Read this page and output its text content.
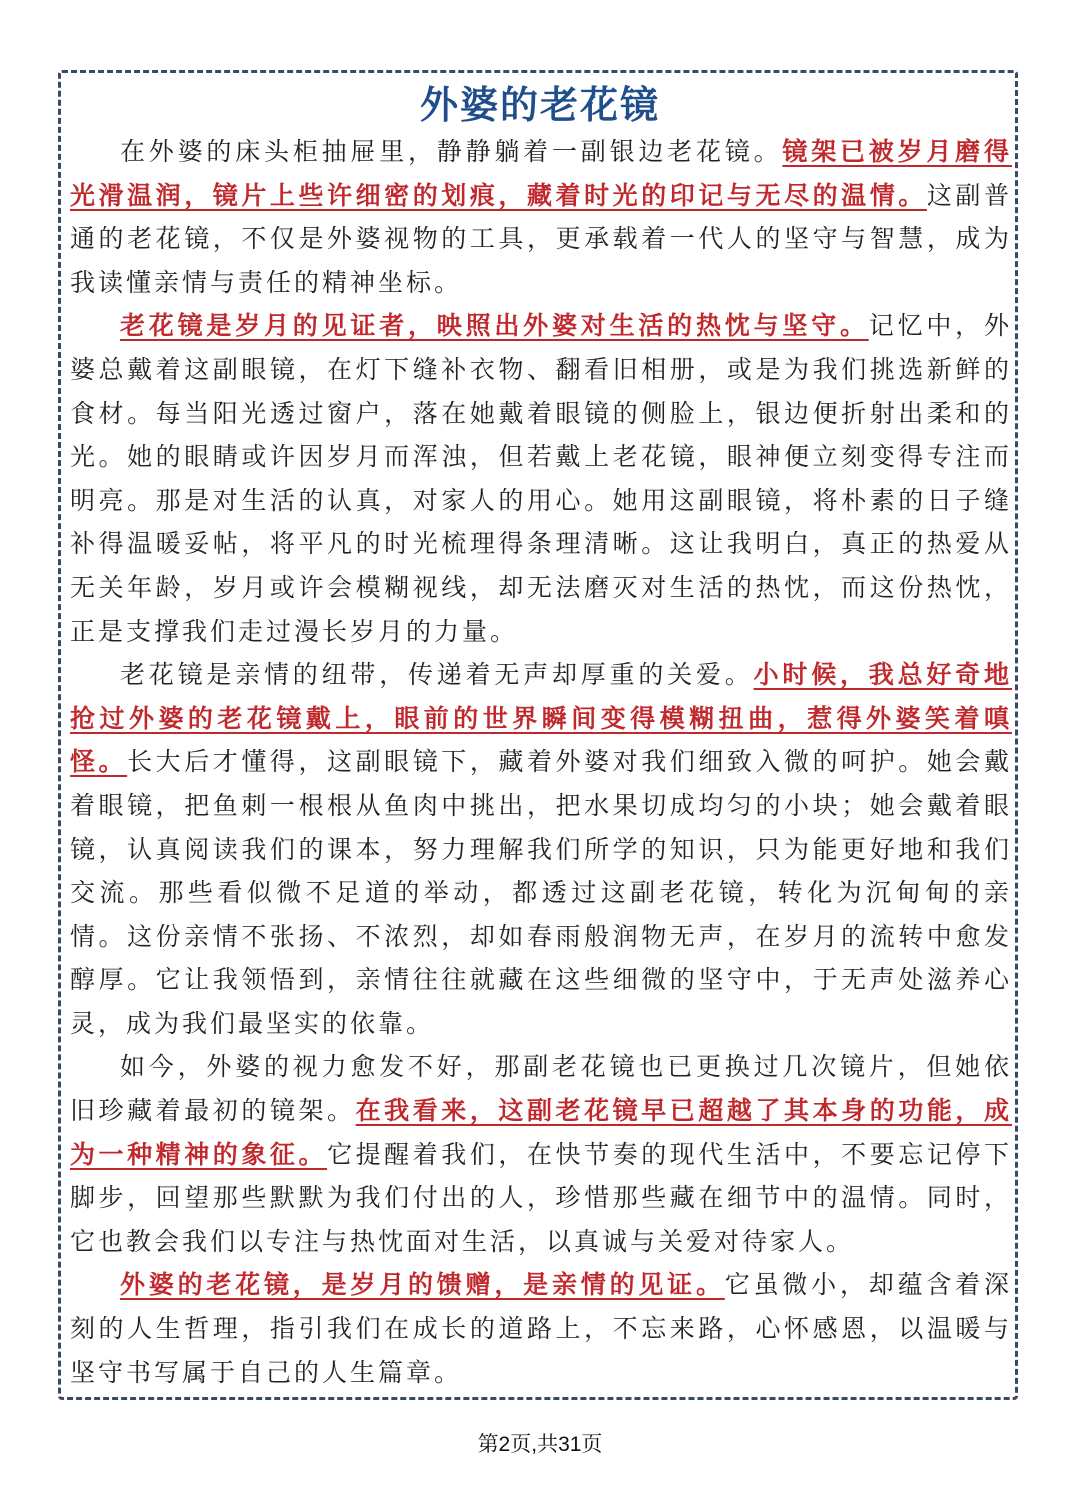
外婆的老花镜

在外婆的床头柜抽屉里，静静躺着一副银边老花镜。镜架已被岁月磨得光滑温润，镜片上些许细密的划痕，藏着时光的印记与无尽的温情。这副普通的老花镜，不仅是外婆视物的工具，更承载着一代人的坚守与智慧，成为我读懂亲情与责任的精神坐标。

老花镜是岁月的见证者，映照出外婆对生活的热忱与坚守。记忆中，外婆总戴着这副眼镜，在灯下缝补衣物、翻看旧相册，或是为我们挑选新鲜的食材。每当阳光透过窗户，落在她戴着眼镜的侧脸上，银边便折射出柔和的光。她的眼睛或许因岁月而浑浊，但若戴上老花镜，眼神便立刻变得专注而明亮。那是对生活的认真，对家人的用心。她用这副眼镜，将朴素的日子缝补得温暖妥帖，将平凡的时光梳理得条理清晰。这让我明白，真正的热爱从无关年龄，岁月或许会模糊视线，却无法磨灭对生活的热忱，而这份热忱，正是支撑我们走过漫长岁月的力量。

老花镜是亲情的纽带，传递着无声却厚重的关爱。小时候，我总好奇地抢过外婆的老花镜戴上，眼前的世界瞬间变得模糊扭曲，惹得外婆笑着嗔怪。长大后才懂得，这副眼镜下，藏着外婆对我们细致入微的呵护。她会戴着眼镜，把鱼刺一根根从鱼肉中挑出，把水果切成均匀的小块；她会戴着眼镜，认真阅读我们的课本，努力理解我们所学的知识，只为能更好地和我们交流。那些看似微不足道的举动，都透过这副老花镜，转化为沉甸甸的亲情。这份亲情不张扬、不浓烈，却如春雨般润物无声，在岁月的流转中愈发醇厚。它让我领悟到，亲情往往就藏在这些细微的坚守中，于无声处滋养心灵，成为我们最坚实的依靠。

如今，外婆的视力愈发不好，那副老花镜也已更换过几次镜片，但她依旧珍藏着最初的镜架。在我看来，这副老花镜早已超越了其本身的功能，成为一种精神的象征。它提醒着我们，在快节奏的现代生活中，不要忘记停下脚步，回望那些默默为我们付出的人，珍惜那些藏在细节中的温情。同时，它也教会我们以专注与热忱面对生活，以真诚与关爱对待家人。

外婆的老花镜，是岁月的馈赠，是亲情的见证。它虽微小，却蕴含着深刻的人生哲理，指引我们在成长的道路上，不忘来路，心怀感恩，以温暖与坚守书写属于自己的人生篇章。

第2页,共31页
